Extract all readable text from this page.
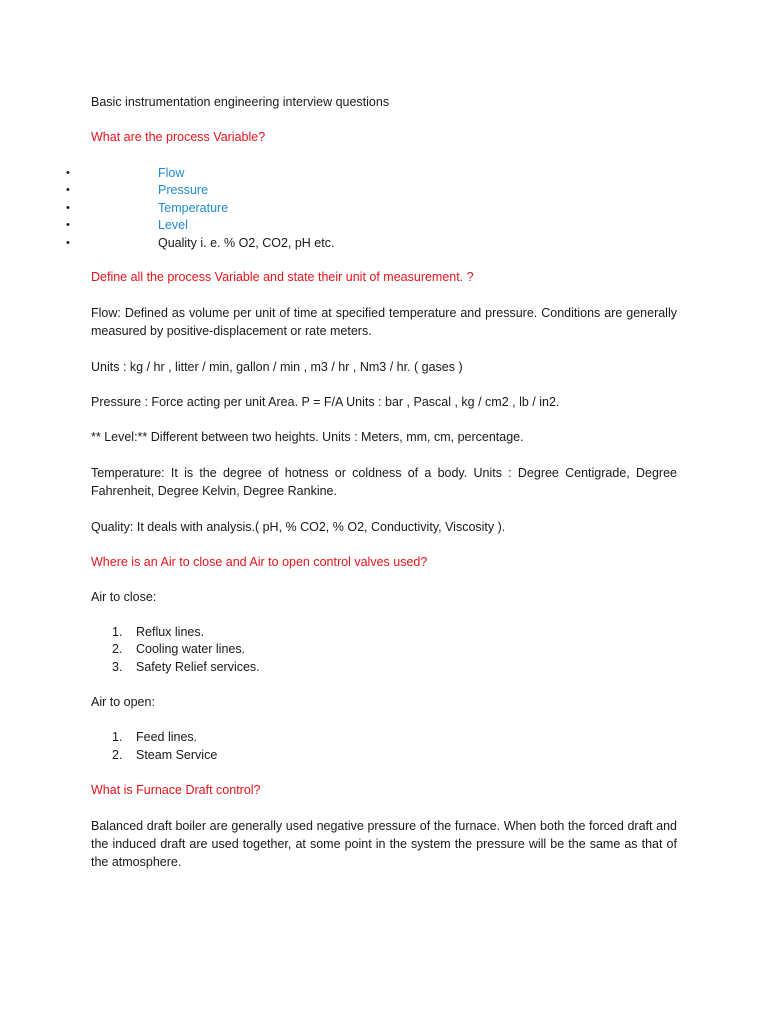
Basic instrumentation engineering interview questions

What are the process Variable?

•	Flow
•	Pressure
•	Temperature
•	Level
•	Quality i. e. % O2, CO2, pH etc.

Define all the process Variable and state their unit of measurement. ?

Flow: Defined as volume per unit of time at specified temperature and pressure. Conditions are generally measured by positive-displacement or rate meters.

Units : kg / hr , litter / min, gallon / min , m3 / hr , Nm3 / hr. ( gases )

Pressure : Force acting per unit Area. P = F/A Units : bar , Pascal , kg / cm2 , lb / in2.

** Level:** Different between two heights. Units : Meters, mm, cm, percentage.

Temperature: It is the degree of hotness or coldness of a body. Units : Degree Centigrade, Degree Fahrenheit, Degree Kelvin, Degree Rankine.

Quality: It deals with analysis.( pH, % CO2, % O2, Conductivity, Viscosity ).

Where is an Air to close and Air to open control valves used?

Air to close:

1. Reflux lines.
2. Cooling water lines.
3. Safety Relief services.

Air to open:

1. Feed lines.
2. Steam Service

What is Furnace Draft control?

Balanced draft boiler are generally used negative pressure of the furnace. When both the forced draft and the induced draft are used together, at some point in the system the pressure will be the same as that of the atmosphere.
